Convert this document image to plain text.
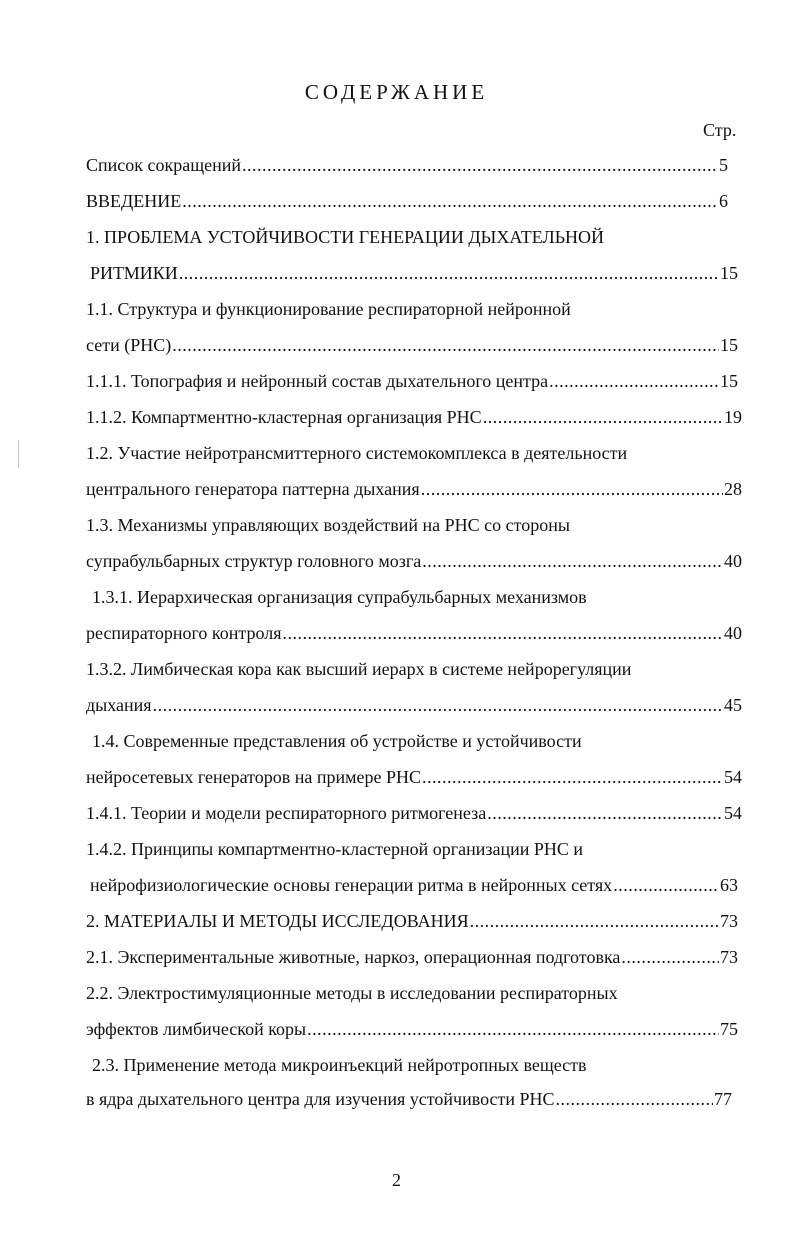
СОДЕРЖАНИЕ
Стр.
Список сокращений .....	5
ВВЕДЕНИЕ .....	6
1. ПРОБЛЕМА УСТОЙЧИВОСТИ ГЕНЕРАЦИИ ДЫХАТЕЛЬНОЙ
РИТМИКИ .....	15
1.1. Структура и функционирование респираторной нейронной
сети (РНС) .....	15
1.1.1. Топография и нейронный состав дыхательного центра .....	15
1.1.2. Компартментно-кластерная организация РНС .....	19
1.2. Участие нейротрансмиттерного системокомплекса в деятельности
центрального генератора паттерна дыхания .....	28
1.3. Механизмы управляющих воздействий на РНС со стороны
супрабульбарных структур головного мозга .....	40
1.3.1. Иерархическая организация супрабульбарных механизмов
респираторного контроля .....	40
1.3.2. Лимбическая кора как высший иерарх в системе нейрорегуляции
дыхания .....	45
1.4. Современные представления об устройстве и устойчивости
нейросетевых генераторов на примере РНС .....	54
1.4.1. Теории и модели респираторного ритмогенеза .....	54
1.4.2. Принципы компартментно-кластерной организации РНС и
нейрофизиологические основы генерации ритма в нейронных сетях .....	63
2. МАТЕРИАЛЫ И МЕТОДЫ ИССЛЕДОВАНИЯ .....	73
2.1. Экспериментальные животные, наркоз, операционная подготовка .....	73
2.2. Электростимуляционные методы в исследовании респираторных
эффектов лимбической коры .....	75
2.3. Применение метода микроинъекций нейротропных веществ
в ядра дыхательного центра для изучения устойчивости РНС .....	77
2
